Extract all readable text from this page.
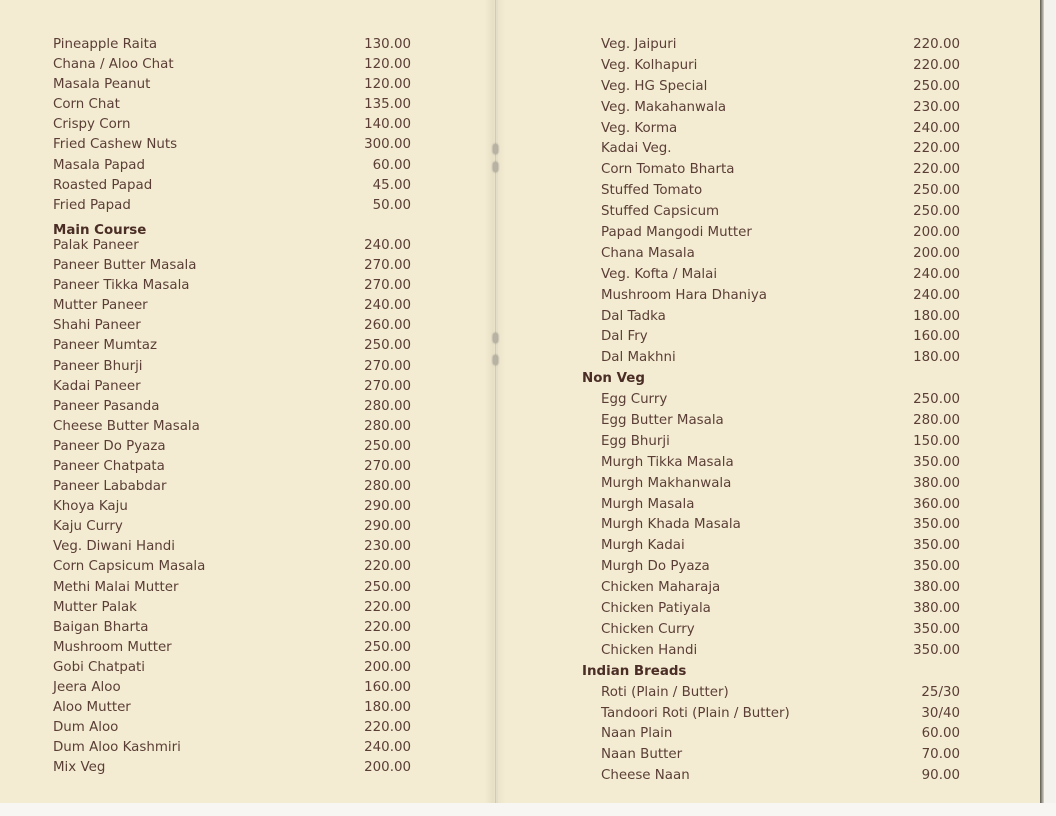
Pineapple Raita	130.00
Chana / Aloo Chat	120.00
Masala Peanut	120.00
Corn Chat	135.00
Crispy Corn	140.00
Fried Cashew Nuts	300.00
Masala Papad	60.00
Roasted Papad	45.00
Fried Papad	50.00
Main Course
Palak Paneer	240.00
Paneer Butter Masala	270.00
Paneer Tikka Masala	270.00
Mutter Paneer	240.00
Shahi Paneer	260.00
Paneer Mumtaz	250.00
Paneer Bhurji	270.00
Kadai Paneer	270.00
Paneer Pasanda	280.00
Cheese Butter Masala	280.00
Paneer Do Pyaza	250.00
Paneer Chatpata	270.00
Paneer Lababdar	280.00
Khoya Kaju	290.00
Kaju Curry	290.00
Veg. Diwani Handi	230.00
Corn Capsicum Masala	220.00
Methi Malai Mutter	250.00
Mutter Palak	220.00
Baigan Bharta	220.00
Mushroom Mutter	250.00
Gobi Chatpati	200.00
Jeera Aloo	160.00
Aloo Mutter	180.00
Dum Aloo	220.00
Dum Aloo Kashmiri	240.00
Mix Veg	200.00
Veg. Jaipuri	220.00
Veg. Kolhapuri	220.00
Veg. HG Special	250.00
Veg. Makahanwala	230.00
Veg. Korma	240.00
Kadai Veg.	220.00
Corn Tomato Bharta	220.00
Stuffed Tomato	250.00
Stuffed Capsicum	250.00
Papad Mangodi Mutter	200.00
Chana Masala	200.00
Veg. Kofta / Malai	240.00
Mushroom Hara Dhaniya	240.00
Dal Tadka	180.00
Dal Fry	160.00
Dal Makhni	180.00
Non Veg
Egg Curry	250.00
Egg Butter Masala	280.00
Egg Bhurji	150.00
Murgh Tikka Masala	350.00
Murgh Makhanwala	380.00
Murgh Masala	360.00
Murgh Khada Masala	350.00
Murgh Kadai	350.00
Murgh Do Pyaza	350.00
Chicken Maharaja	380.00
Chicken Patiyala	380.00
Chicken Curry	350.00
Chicken Handi	350.00
Indian Breads
Roti (Plain / Butter)	25/30
Tandoori Roti (Plain / Butter)	30/40
Naan Plain	60.00
Naan Butter	70.00
Cheese Naan	90.00
